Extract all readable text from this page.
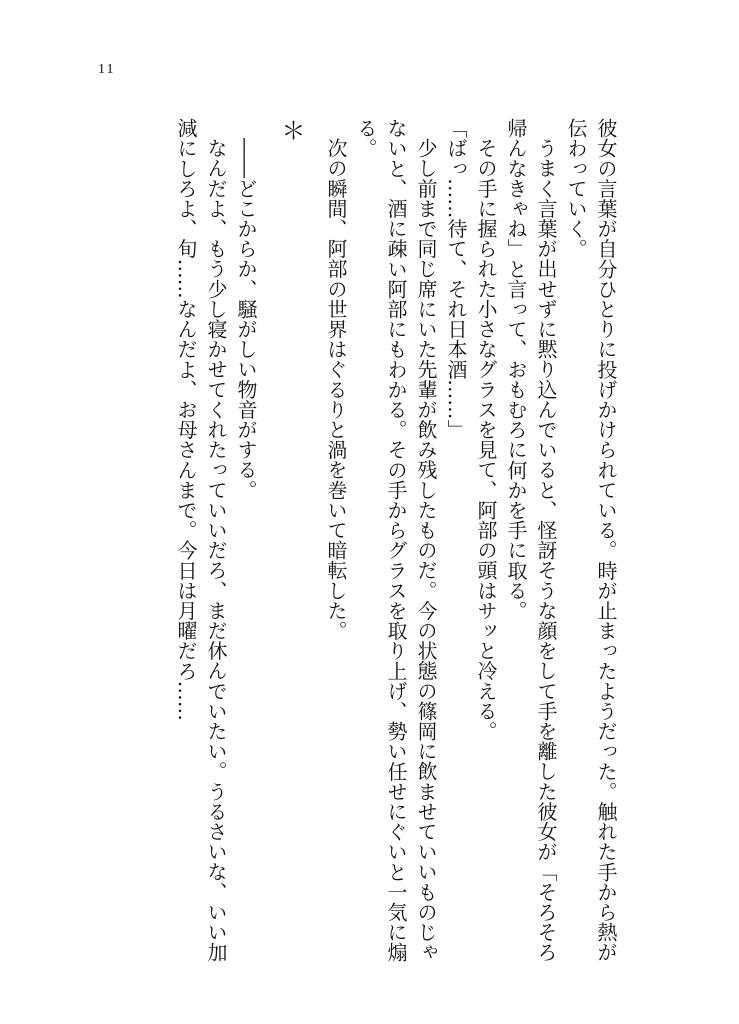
11

彼女の言葉が自分ひとりに投げかけられている。時が止まったようだった。触れた手から熱が伝わっていく。

うまく言葉が出せずに黙り込んでいると、怪訝そうな顔をして手を離した彼女が「そろそろ帰んなきゃね」と言って、おもむろに何かを手に取る。

その手に握られた小さなグラスを見て、阿部の頭はサッと冷える。

「ばっ……待て、それ日本酒……」

少し前まで同じ席にいた先輩が飲み残したものだ。今の状態の篠岡に飲ませていいものじゃないと、酒に疎い阿部にもわかる。その手からグラスを取り上げ、勢い任せにぐいと一気に煽る。

次の瞬間、阿部の世界はぐるりと渦を巻いて暗転した。

＊

――どこからか、騒がしい物音がする。

なんだよ、もう少し寝かせてくれたっていいだろ、まだ休んでいたい。うるさいな、いい加減にしろよ、旬……なんだよ、お母さんまで。今日は月曜だろ……
